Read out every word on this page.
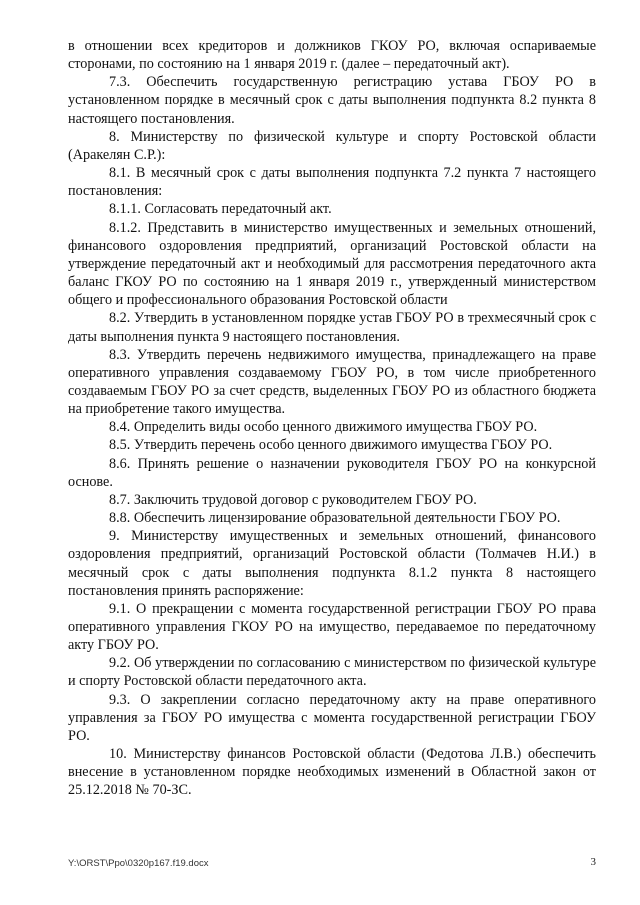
в отношении всех кредиторов и должников ГКОУ РО, включая оспариваемые сторонами, по состоянию на 1 января 2019 г. (далее – передаточный акт).

7.3. Обеспечить государственную регистрацию устава ГБОУ РО в установленном порядке в месячный срок с даты выполнения подпункта 8.2 пункта 8 настоящего постановления.

8. Министерству по физической культуре и спорту Ростовской области (Аракелян С.Р.):

8.1. В месячный срок с даты выполнения подпункта 7.2 пункта 7 настоящего постановления:

8.1.1. Согласовать передаточный акт.

8.1.2. Представить в министерство имущественных и земельных отношений, финансового оздоровления предприятий, организаций Ростовской области на утверждение передаточный акт и необходимый для рассмотрения передаточного акта баланс ГКОУ РО по состоянию на 1 января 2019 г., утвержденный министерством общего и профессионального образования Ростовской области

8.2. Утвердить в установленном порядке устав ГБОУ РО в трехмесячный срок с даты выполнения пункта 9 настоящего постановления.

8.3. Утвердить перечень недвижимого имущества, принадлежащего на праве оперативного управления создаваемому ГБОУ РО, в том числе приобретенного создаваемым ГБОУ РО за счет средств, выделенных ГБОУ РО из областного бюджета на приобретение такого имущества.

8.4. Определить виды особо ценного движимого имущества ГБОУ РО.

8.5. Утвердить перечень особо ценного движимого имущества ГБОУ РО.

8.6. Принять решение о назначении руководителя ГБОУ РО на конкурсной основе.

8.7. Заключить трудовой договор с руководителем ГБОУ РО.

8.8. Обеспечить лицензирование образовательной деятельности ГБОУ РО.

9. Министерству имущественных и земельных отношений, финансового оздоровления предприятий, организаций Ростовской области (Толмачев Н.И.) в месячный срок с даты выполнения подпункта 8.1.2 пункта 8 настоящего постановления принять распоряжение:

9.1. О прекращении с момента государственной регистрации ГБОУ РО права оперативного управления ГКОУ РО на имущество, передаваемое по передаточному акту ГБОУ РО.

9.2. Об утверждении по согласованию с министерством по физической культуре и спорту Ростовской области передаточного акта.

9.3. О закреплении согласно передаточному акту на праве оперативного управления за ГБОУ РО имущества с момента государственной регистрации ГБОУ РО.

10. Министерству финансов Ростовской области (Федотова Л.В.) обеспечить внесение в установленном порядке необходимых изменений в Областной закон от 25.12.2018 № 70-ЗС.

Y:\ORST\Ppo\0320p167.f19.docx	3
